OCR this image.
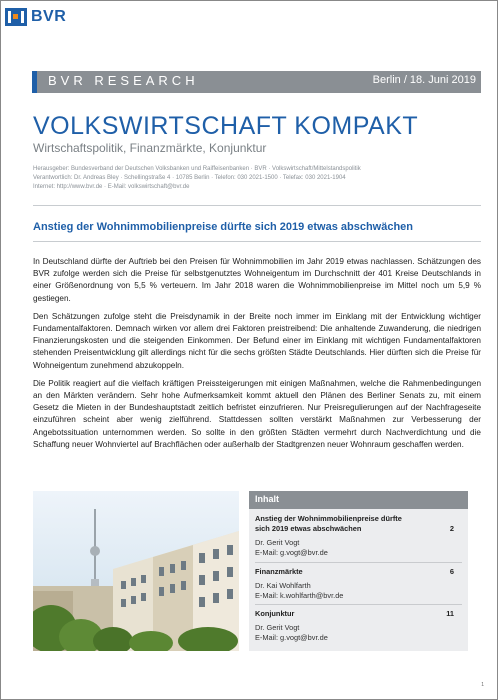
BVR
BVR RESEARCH	Berlin / 18. Juni 2019
VOLKSWIRTSCHAFT KOMPAKT
Wirtschaftspolitik, Finanzmärkte, Konjunktur
Herausgeber: Bundesverband der Deutschen Volksbanken und Raiffeisenbanken · BVR · Volkswirtschaft/Mittelstandspolitik
Verantwortlich: Dr. Andreas Bley · Schellingstraße 4 · 10785 Berlin · Telefon: 030 2021-1500 · Telefax: 030 2021-1904
Internet: http://www.bvr.de · E-Mail: volkswirtschaft@bvr.de
Anstieg der Wohnimmobilienpreise dürfte sich 2019 etwas abschwächen

In Deutschland dürfte der Auftrieb bei den Preisen für Wohnimmobilien im Jahr 2019 etwas nachlassen. Schätzungen des BVR zufolge werden sich die Preise für selbstgenutztes Wohneigentum im Durchschnitt der 401 Kreise Deutschlands in einer Größenordnung von 5,5 % verteuern. Im Jahr 2018 waren die Wohnimmobilienpreise im Mittel noch um 5,9 % gestiegen.

Den Schätzungen zufolge steht die Preisdynamik in der Breite noch immer im Einklang mit der Entwicklung wichtiger Fundamentalfaktoren. Demnach wirken vor allem drei Faktoren preistreibend: Die anhaltende Zuwanderung, die niedrigen Finanzierungskosten und die steigenden Einkommen. Der Befund einer im Einklang mit wichtigen Fundamentalfaktoren stehenden Preisentwicklung gilt allerdings nicht für die sechs größten Städte Deutschlands. Hier dürften sich die Preise für Wohneigentum zunehmend abzukoppeln.

Die Politik reagiert auf die vielfach kräftigen Preissteigerungen mit einigen Maßnahmen, welche die Rahmenbedingungen an den Märkten verändern. Sehr hohe Aufmerksamkeit kommt aktuell den Plänen des Berliner Senats zu, mit einem Gesetz die Mieten in der Bundeshauptstadt zeitlich befristet einzufrieren. Nur Preisregulierungen auf der Nachfrageseite einzuführen scheint aber wenig zielführend. Stattdessen sollten verstärkt Maßnahmen zur Verbesserung der Angebotssituation unternommen werden. So sollte in den größten Städten vermehrt durch Nachverdichtung und die Schaffung neuer Wohnviertel auf Brachflächen oder außerhalb der Stadtgrenzen neuer Wohnraum geschaffen werden.

Inhalt
Anstieg der Wohnimmobilienpreise dürfte sich 2019 etwas abschwächen	2
Dr. Gerit Vogt
E-Mail: g.vogt@bvr.de
Finanzmärkte	6
Dr. Kai Wohlfarth
E-Mail: k.wohlfarth@bvr.de
Konjunktur	11
Dr. Gerit Vogt
E-Mail: g.vogt@bvr.de
1
